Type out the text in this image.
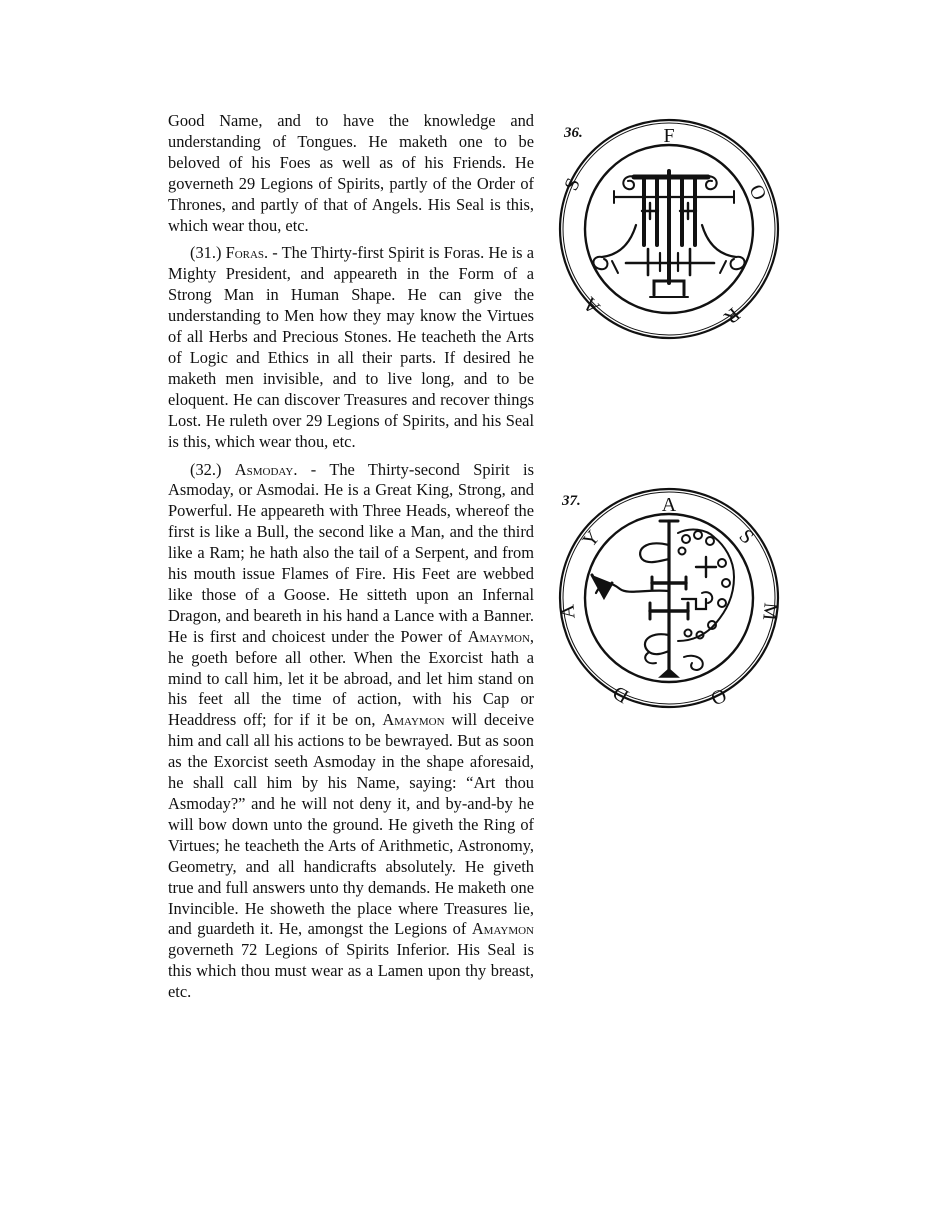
Good Name, and to have the knowledge and understanding of Tongues. He maketh one to be beloved of his Foes as well as of his Friends. He governeth 29 Legions of Spirits, partly of the Order of Thrones, and partly of that of Angels. His Seal is this, which wear thou, etc.

(31.) Foras. - The Thirty-first Spirit is Foras. He is a Mighty President, and appeareth in the Form of a Strong Man in Human Shape. He can give the understanding to Men how they may know the Virtues of all Herbs and Precious Stones. He teacheth the Arts of Logic and Ethics in all their parts. If desired he maketh men invisible, and to live long, and to be eloquent. He can discover Treasures and recover things Lost. He ruleth over 29 Legions of Spirits, and his Seal is this, which wear thou, etc.

(32.) Asmoday. - The Thirty-second Spirit is Asmoday, or Asmodai. He is a Great King, Strong, and Powerful. He appeareth with Three Heads, whereof the first is like a Bull, the second like a Man, and the third like a Ram; he hath also the tail of a Serpent, and from his mouth issue Flames of Fire. His Feet are webbed like those of a Goose. He sitteth upon an Infernal Dragon, and beareth in his hand a Lance with a Banner. He is first and choicest under the Power of Amaymon, he goeth before all other. When the Exorcist hath a mind to call him, let it be abroad, and let him stand on his feet all the time of action, with his Cap or Headdress off; for if it be on, Amaymon will deceive him and call all his actions to be bewrayed. But as soon as the Exorcist seeth Asmoday in the shape aforesaid, he shall call him by his Name, saying: “Art thou Asmoday?” and he will not deny it, and by-and-by he will bow down unto the ground. He giveth the Ring of Virtues; he teacheth the Arts of Arithmetic, Astronomy, Geometry, and all handicrafts absolutely. He giveth true and full answers unto thy demands. He maketh one Invincible. He showeth the place where Treasures lie, and guardeth it. He, amongst the Legions of Amaymon governeth 72 Legions of Spirits Inferior. His Seal is this which thou must wear as a Lamen upon thy breast, etc.

36.	F
O
R
A
S
37.	A
S
M
O
D
A
Y
